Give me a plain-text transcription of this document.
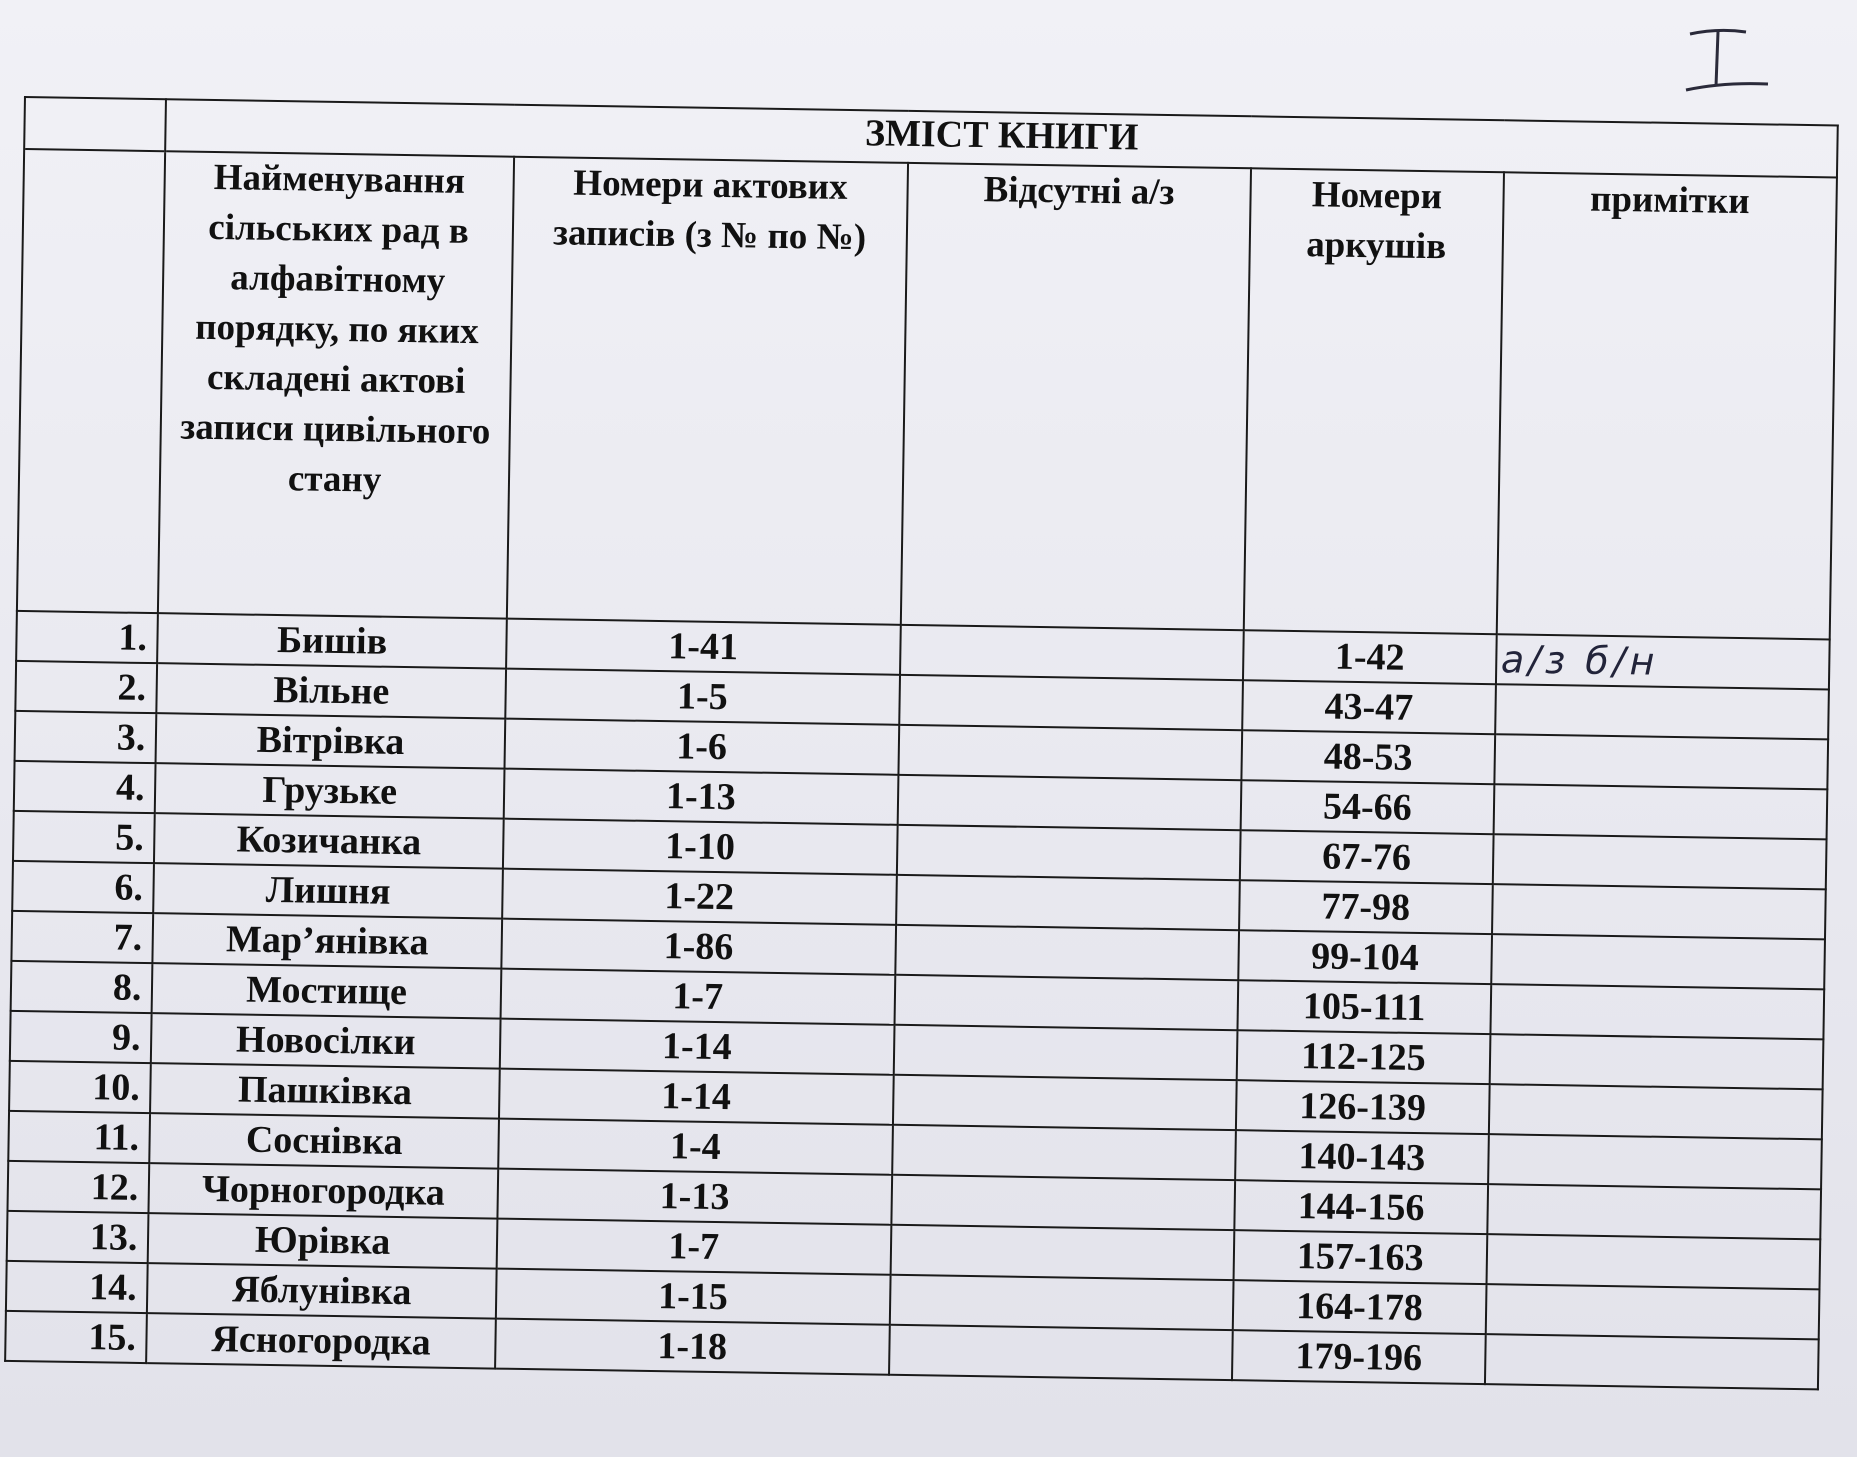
	ЗМІСТ КНИГИ				
	Найменування сільських рад в алфавітному порядку, по яких складені актові записи цивільного стану	Номери актових записів (з № по №)	Відсутні а/з	Номери аркушів	примітки
1.	Бишів	1-41		1-42	а/з б/н
2.	Вільне	1-5		43-47	
3.	Вітрівка	1-6		48-53	
4.	Грузьке	1-13		54-66	
5.	Козичанка	1-10		67-76	
6.	Лишня	1-22		77-98	
7.	Мар’янівка	1-86		99-104	
8.	Мостище	1-7		105-111	
9.	Новосілки	1-14		112-125	
10.	Пашківка	1-14		126-139	
11.	Соснівка	1-4		140-143	
12.	Чорногородка	1-13		144-156	
13.	Юрівка	1-7		157-163	
14.	Яблунівка	1-15		164-178	
15.	Ясногородка	1-18		179-196	
